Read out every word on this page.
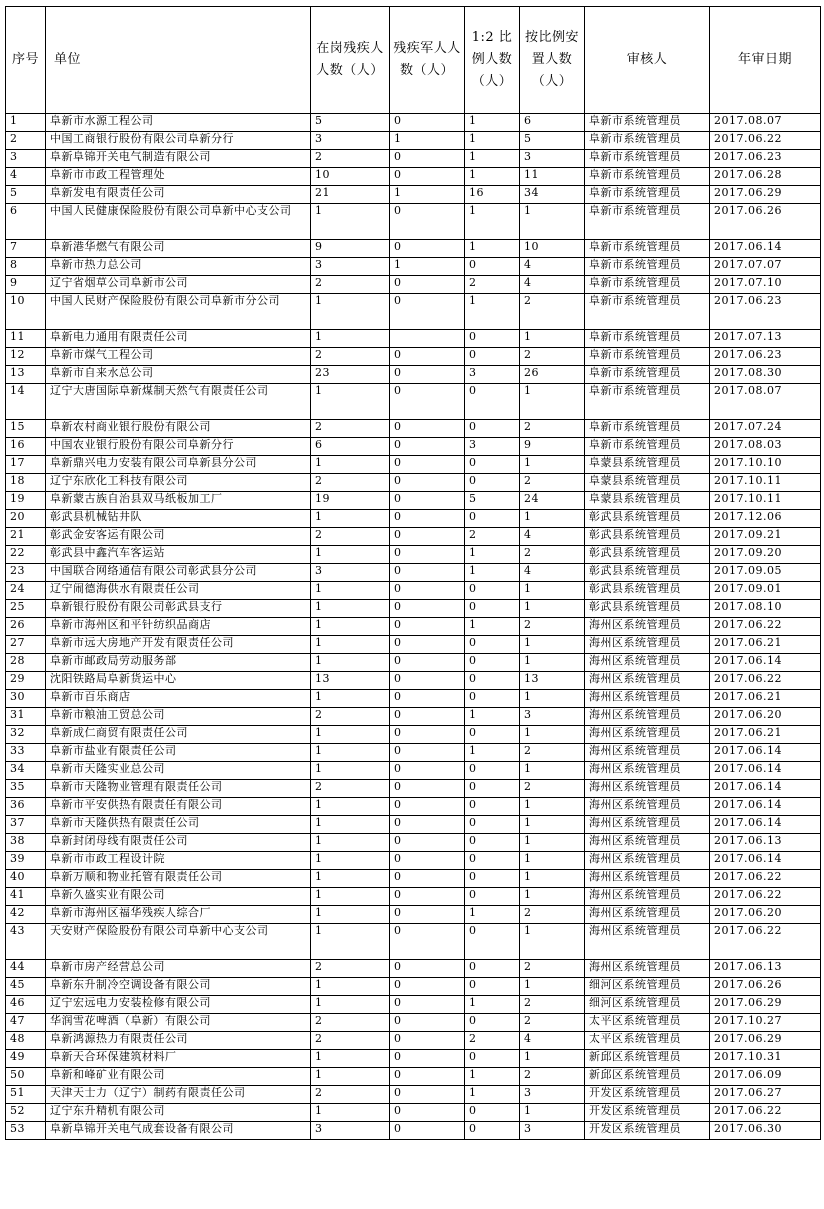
序号	单位	在岗残疾人人数（人）	残疾军人人数（人）	1:2 比例人数（人）	按比例安置人数（人）	审核人	年审日期
1	阜新市水源工程公司	5	0	1	6	阜新市系统管理员	2017.08.07
2	中国工商银行股份有限公司阜新分行	3	1	1	5	阜新市系统管理员	2017.06.22
3	阜新阜锦开关电气制造有限公司	2	0	1	3	阜新市系统管理员	2017.06.23
4	阜新市市政工程管理处	10	0	1	11	阜新市系统管理员	2017.06.28
5	阜新发电有限责任公司	21	1	16	34	阜新市系统管理员	2017.06.29
6	中国人民健康保险股份有限公司阜新中心支公司	1	0	1	1	阜新市系统管理员	2017.06.26
7	阜新港华燃气有限公司	9	0	1	10	阜新市系统管理员	2017.06.14
8	阜新市热力总公司	3	1	0	4	阜新市系统管理员	2017.07.07
9	辽宁省烟草公司阜新市公司	2	0	2	4	阜新市系统管理员	2017.07.10
10	中国人民财产保险股份有限公司阜新市分公司	1	0	1	2	阜新市系统管理员	2017.06.23
11	阜新电力通用有限责任公司	1		0	1	阜新市系统管理员	2017.07.13
12	阜新市煤气工程公司	2	0	0	2	阜新市系统管理员	2017.06.23
13	阜新市自来水总公司	23	0	3	26	阜新市系统管理员	2017.08.30
14	辽宁大唐国际阜新煤制天然气有限责任公司	1	0	0	1	阜新市系统管理员	2017.08.07
15	阜新农村商业银行股份有限公司	2	0	0	2	阜新市系统管理员	2017.07.24
16	中国农业银行股份有限公司阜新分行	6	0	3	9	阜新市系统管理员	2017.08.03
17	阜新鼎兴电力安装有限公司阜新县分公司	1	0	0	1	阜蒙县系统管理员	2017.10.10
18	辽宁东欣化工科技有限公司	2	0	0	2	阜蒙县系统管理员	2017.10.11
19	阜新蒙古族自治县双马纸板加工厂	19	0	5	24	阜蒙县系统管理员	2017.10.11
20	彰武县机械钻井队	1	0	0	1	彰武县系统管理员	2017.12.06
21	彰武金安客运有限公司	2	0	2	4	彰武县系统管理员	2017.09.21
22	彰武县中鑫汽车客运站	1	0	1	2	彰武县系统管理员	2017.09.20
23	中国联合网络通信有限公司彰武县分公司	3	0	1	4	彰武县系统管理员	2017.09.05
24	辽宁闹德海供水有限责任公司	1	0	0	1	彰武县系统管理员	2017.09.01
25	阜新银行股份有限公司彰武县支行	1	0	0	1	彰武县系统管理员	2017.08.10
26	阜新市海州区和平针纺织品商店	1	0	1	2	海州区系统管理员	2017.06.22
27	阜新市远大房地产开发有限责任公司	1	0	0	1	海州区系统管理员	2017.06.21
28	阜新市邮政局劳动服务部	1	0	0	1	海州区系统管理员	2017.06.14
29	沈阳铁路局阜新货运中心	13	0	0	13	海州区系统管理员	2017.06.22
30	阜新市百乐商店	1	0	0	1	海州区系统管理员	2017.06.21
31	阜新市粮油工贸总公司	2	0	1	3	海州区系统管理员	2017.06.20
32	阜新成仁商贸有限责任公司	1	0	0	1	海州区系统管理员	2017.06.21
33	阜新市盐业有限责任公司	1	0	1	2	海州区系统管理员	2017.06.14
34	阜新市天隆实业总公司	1	0	0	1	海州区系统管理员	2017.06.14
35	阜新市天隆物业管理有限责任公司	2	0	0	2	海州区系统管理员	2017.06.14
36	阜新市平安供热有限责任有限公司	1	0	0	1	海州区系统管理员	2017.06.14
37	阜新市天隆供热有限责任公司	1	0	0	1	海州区系统管理员	2017.06.14
38	阜新封闭母线有限责任公司	1	0	0	1	海州区系统管理员	2017.06.13
39	阜新市市政工程设计院	1	0	0	1	海州区系统管理员	2017.06.14
40	阜新万顺和物业托管有限责任公司	1	0	0	1	海州区系统管理员	2017.06.22
41	阜新久盛实业有限公司	1	0	0	1	海州区系统管理员	2017.06.22
42	阜新市海州区福华残疾人综合厂	1	0	1	2	海州区系统管理员	2017.06.20
43	天安财产保险股份有限公司阜新中心支公司	1	0	0	1	海州区系统管理员	2017.06.22
44	阜新市房产经营总公司	2	0	0	2	海州区系统管理员	2017.06.13
45	阜新东升制冷空调设备有限公司	1	0	0	1	细河区系统管理员	2017.06.26
46	辽宁宏远电力安装检修有限公司	1	0	1	2	细河区系统管理员	2017.06.29
47	华润雪花啤酒（阜新）有限公司	2	0	0	2	太平区系统管理员	2017.10.27
48	阜新鸿源热力有限责任公司	2	0	2	4	太平区系统管理员	2017.06.29
49	阜新天合环保建筑材料厂	1	0	0	1	新邱区系统管理员	2017.10.31
50	阜新和峰矿业有限公司	1	0	1	2	新邱区系统管理员	2017.06.09
51	天津天士力（辽宁）制药有限责任公司	2	0	1	3	开发区系统管理员	2017.06.27
52	辽宁东升精机有限公司	1	0	0	1	开发区系统管理员	2017.06.22
53	阜新阜锦开关电气成套设备有限公司	3	0	0	3	开发区系统管理员	2017.06.30
